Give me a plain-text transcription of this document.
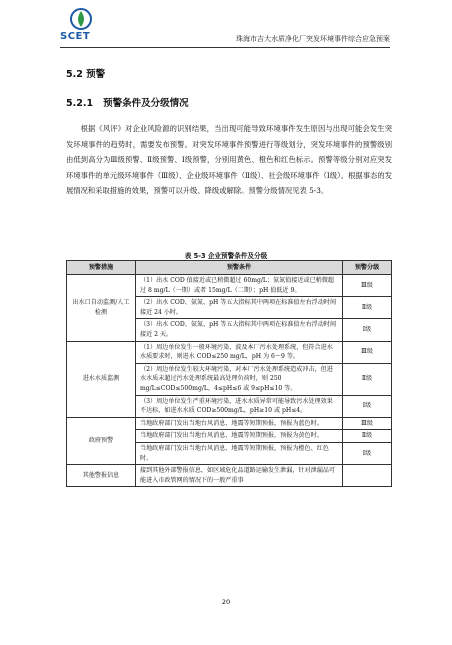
SCET	珠海市吉大水质净化厂突发环境事件综合应急预案
5.2 预警
5.2.1 预警条件及分级情况
根据《风评》对企业风险源的识别结果，当出现可能导致环境事件发生原因与出现可能会发生突发环境事件的趋势时，需要发布预警。对突发环境事件预警进行等级划分，突发环境事件的预警级别由低到高分为Ⅲ级预警、Ⅱ级预警、Ⅰ级预警，分别用黄色、橙色和红色标示。预警等级分别对应突发环境事件的单元级环境事件（Ⅲ级）、企业级环境事件（Ⅱ级）、社会级环境事件（Ⅰ级）。根据事态的发展情况和采取措施的效果，预警可以升级、降级或解除。预警分级情况见表 5-3。
表 5-3 企业预警条件及分级
预警措施	预警条件	预警分级
出水口自动监测/人工检测	（1）出水 COD 值接近或已稍微超过 60mg/L；氨氮值接近或已稍微超过 8 mg/L（一期）或者 15mg/L（二期）；pH 值低近 9。	Ⅲ级
	（2）出水 COD、氨氮、pH 等五大指标其中两项在标准值左右浮动时间接近 24 小时。	Ⅱ级
	（3）出水 COD、氨氮、pH 等五大指标其中两项在标准值左右浮动时间接近 2 天。	Ⅰ级
进水水质监测	（1）周边单位发生一般环境污染，波及本厂污水处理系统，但符合进水水质要求时，则进水 COD≤250 mg/L，pH 为 6～9 等。	Ⅲ级
	（2）周边单位发生较大环境污染，对本厂污水处理系统造成冲击，但进水水质未超过污水处理系统最高处理负荷时，则 250 mg/L≤COD≤500mg/L，4≤pH≤6 或 9≤pH≤10 等。	Ⅱ级
	（3）周边单位发生严重环境污染，进水水质异常可能导致污水处理效果不达标，如进水水质 COD≥500mg/L，pH≥10 或 pH≤4。	Ⅰ级
政府预警	当地政府部门发出当地台风消息、地震等短期预报，预报为蓝色时。	Ⅲ级
	当地政府部门发出当地台风消息、地震等短期预报，预报为黄色时。	Ⅱ级
	当地政府部门发出当地台风消息、地震等短期预报，预报为橙色、红色时。	Ⅰ级
其他警报信息	接到其他外部警报信息，如区域危化品道路运输发生泄漏，针对泄漏品可能进入市政管网的情况下的一般严重事	
20
